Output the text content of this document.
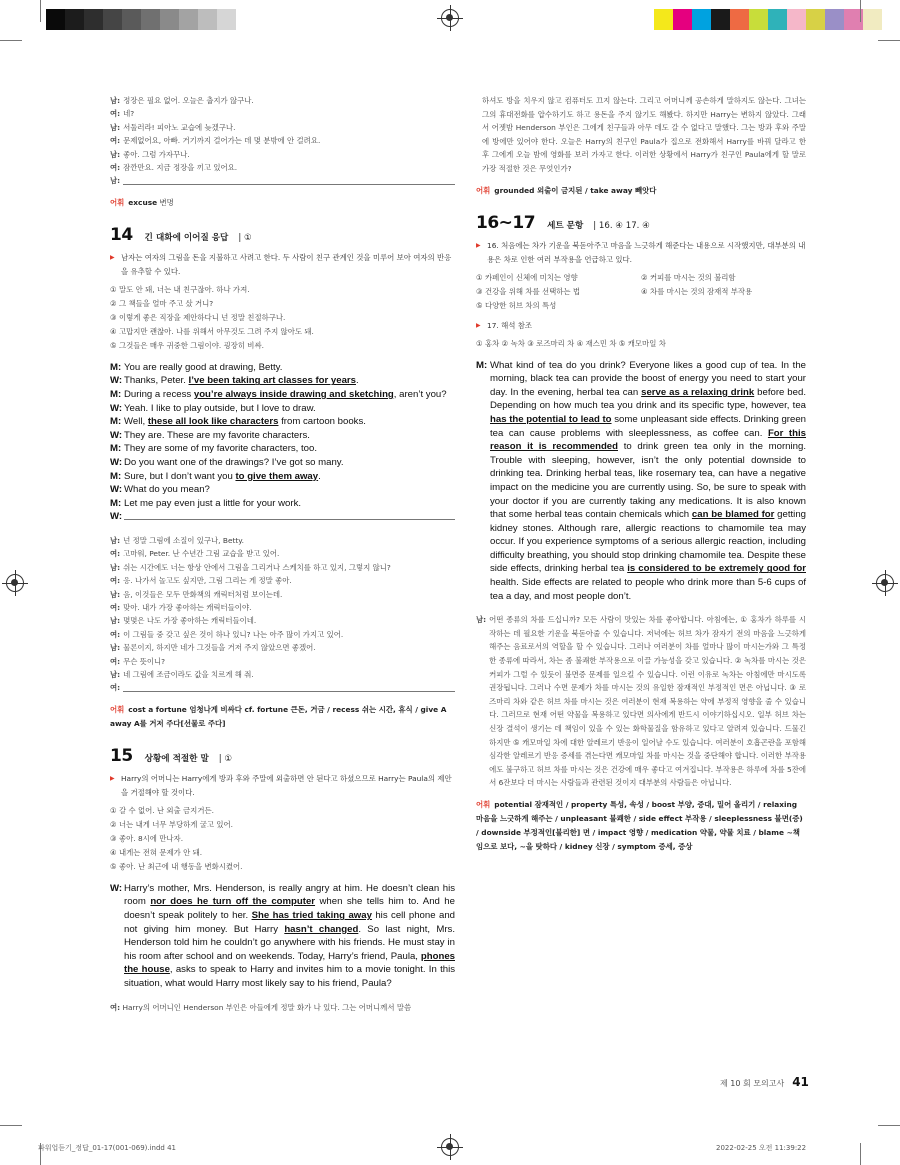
남: 정장은 필요 없어. 오늘은 춥지가 않구나.
여: 네?
남: 서둘러라! 피아노 교습에 늦겠구나.
여: 문제없어요, 아빠. 거기까지 걸어가는 데 몇 분밖에 안 걸려요.
남: 좋아. 그럼 가자꾸나.
여: 잠깐만요. 지금 정장을 끼고 있어요.
남:
어휘 excuse 변명
14 긴 대화에 이어질 응답 | ①
▶ 남자는 여자의 그림을 돈을 지불하고 사려고 한다. 두 사람이 친구 관계인 것을 미루어 보아 여자의 반응을 유추할 수 있다.
① 말도 안 돼, 너는 내 친구잖아. 하나 가져.
② 그 책들을 얼마 주고 샀 거니?
③ 이렇게 좋은 직장을 제안하다니 넌 정말 친절하구나.
④ 고맙지만 괜찮아. 나를 위해서 아무것도 그려 주지 않아도 돼.
⑤ 그것들은 매우 귀중한 그림이야. 굉장히 비싸.
M: You are really good at drawing, Betty.
W: Thanks, Peter. I’ve been taking art classes for years.
M: During a recess you’re always inside drawing and sketching, aren’t you?
W: Yeah. I like to play outside, but I love to draw.
M: Well, these all look like characters from cartoon books.
W: They are. These are my favorite characters.
M: They are some of my favorite characters, too.
W: Do you want one of the drawings? I’ve got so many.
M: Sure, but I don’t want you to give them away.
W: What do you mean?
M: Let me pay even just a little for your work.
W:
남: 넌 정말 그림에 소질이 있구나, Betty.
여: 고마워, Peter. 난 수년간 그림 교습을 받고 있어.
남: 쉬는 시간에도 너는 항상 안에서 그림을 그리거나 스케치를 하고 있지, 그렇지 않니?
여: 응. 나가서 놀고도 싶지만, 그림 그리는 게 정말 좋아.
남: 음, 이것들은 모두 만화책의 캐릭터처럼 보이는데.
여: 맞아. 내가 가장 좋아하는 캐릭터들이야.
남: 몇몇은 나도 가장 좋아하는 캐릭터들이네.
여: 이 그림들 중 갖고 싶은 것이 하나 있니? 나는 아주 많이 가지고 있어.
남: 물론이지, 하지만 네가 그것들을 거저 주지 않았으면 좋겠어.
여: 무슨 뜻이니?
남: 네 그림에 조금이라도 값을 치르게 해 줘.
여:
어휘 cost a fortune 엄청나게 비싸다 cf. fortune 큰돈, 거금 / recess 쉬는 시간, 휴식 / give A away A를 거저 주다[선물로 주다]
15 상황에 적절한 말 | ①
▶ Harry의 어머니는 Harry에게 방과 후와 주말에 외출하면 안 된다고 하셨으므로 Harry는 Paula의 제안을 거절해야 할 것이다.
① 갈 수 없어. 난 외출 금지거든.
② 너는 내게 너무 부당하게 굴고 있어.
③ 좋아. 8시에 만나자.
④ 내게는 전혀 문제가 안 돼.
⑤ 좋아. 난 최근에 내 행동을 변화시켰어.
W: Harry’s mother, Mrs. Henderson, is really angry at him. He doesn’t clean his room nor does he turn off the computer when she tells him to. And he doesn’t speak politely to her. She has tried taking away his cell phone and not giving him money. But Harry hasn’t changed. So last night, Mrs. Henderson told him he couldn’t go anywhere with his friends. He must stay in his room after school and on weekends. Today, Harry’s friend, Paula, phones the house, asks to speak to Harry and invites him to a movie tonight. In this situation, what would Harry most likely say to his friend, Paula?
여: Harry의 어머니인 Henderson 부인은 아들에게 정말 화가 나 있다. 그는 어머니께서 말씀
하셔도 방을 치우지 않고 컴퓨터도 끄지 않는다. 그리고 어머니께 공손하게 말하지도 않는다. 그녀는 그의 휴대전화를 압수하기도 하고 용돈을 주지 않기도 해봤다. 하지만 Harry는 변하지 않았다. 그래서 어젯밤 Henderson 부인은 그에게 친구들과 아무 데도 갈 수 없다고 말했다. 그는 방과 후와 주말에 방에만 있어야 한다. 오늘은 Harry의 친구인 Paula가 집으로 전화해서 Harry를 바꿔 달라고 한 후 그에게 오늘 밤에 영화를 보러 가자고 한다. 이러한 상황에서 Harry가 친구인 Paula에게 할 말로 가장 적절한 것은 무엇인가?
어휘 grounded 외출이 금지된 / take away 빼앗다
16~17 세트 문항 | 16. ④ 17. ④
▶ 16. 처음에는 차가 기운을 북돋아주고 마음을 느긋하게 해준다는 내용으로 시작했지만, 대부분의 내용은 차로 인한 여러 부작용을 언급하고 있다.
① 카페인이 신체에 미치는 영향	② 커피를 마시는 것의 불리함
③ 건강을 위해 차를 선택하는 법	④ 차를 마시는 것의 잠재적 부작용
⑤ 다양한 허브 차의 특성
▶ 17. 해석 참조
① 홍차 ② 녹차 ③ 로즈마리 차 ④ 재스민 차 ⑤ 캐모마일 차
M: What kind of tea do you drink? Everyone likes a good cup of tea. In the morning, black tea can provide the boost of energy you need to start your day. In the evening, herbal tea can serve as a relaxing drink before bed. Depending on how much tea you drink and its specific type, however, tea has the potential to lead to some unpleasant side effects. Drinking green tea can cause problems with sleeplessness, as coffee can. For this reason it is recommended to drink green tea only in the morning. Trouble with sleeping, however, isn’t the only potential downside to drinking tea. Drinking herbal teas, like rosemary tea, can have a negative impact on the medicine you are currently using. So, be sure to speak with your doctor if you are currently taking any medications. It is also known that some herbal teas contain chemicals which can be blamed for getting kidney stones. Although rare, allergic reactions to chamomile tea may occur. If you experience symptoms of a serious allergic reaction, including difficulty breathing, you should stop drinking chamomile tea. Despite these side effects, drinking herbal tea is considered to be extremely good for health. Side effects are related to people who drink more than 5-6 cups of tea a day, and most people don’t.
남: 어떤 종류의 차를 드십니까? 모든 사람이 맛있는 차를 좋아합니다. 아침에는, ① 홍차가 하루를 시작하는 데 필요한 기운을 북돋아줄 수 있습니다. 저녁에는 허브 차가 잠자기 전의 마음을 느긋하게 해주는 음료로서의 역할을 할 수 있습니다. 그러나 여러분이 차를 얼마나 많이 마시는가와 그 특정한 종류에 따라서, 차는 좀 불쾌한 부작용으로 이끌 가능성을 갖고 있습니다. ② 녹차를 마시는 것은 커피가 그럴 수 있듯이 불면증 문제를 일으킬 수 있습니다. 이런 이유로 녹차는 아침에만 마시도록 권장됩니다. 그러나 수면 문제가 차를 마시는 것의 유일한 잠재적인 부정적인 면은 아닙니다. ③ 로즈마리 차와 같은 허브 차를 마시는 것은 여러분이 현재 복용하는 약에 부정적 영향을 줄 수 있습니다. 그러므로 현재 어떤 약물을 복용하고 있다면 의사에게 반드시 이야기하십시오. 일부 허브 차는 신장 결석이 생기는 데 책임이 있을 수 있는 화학물질을 함유하고 있다고 알려져 있습니다. 드물긴 하지만 ⑤ 캐모마일 차에 대한 알레르기 반응이 일어날 수도 있습니다. 여러분이 호흡곤란을 포함해 심각한 알레르기 반응 증세를 겪는다면 캐모마일 차를 마시는 것을 중단해야 합니다. 이러한 부작용에도 불구하고 허브 차를 마시는 것은 건강에 매우 좋다고 여겨집니다. 부작용은 하루에 차를 5잔에서 6잔보다 더 마시는 사람들과 관련된 것이지 대부분의 사람들은 아닙니다.
어휘 potential 잠재적인 / property 특성, 속성 / boost 부양, 증대, 밀어 올리기 / relaxing 마음을 느긋하게 해주는 / unpleasant 불쾌한 / side effect 부작용 / sleeplessness 불면(증) / downside 부정적인[불리한] 면 / impact 영향 / medication 약물, 약물 치료 / blame ~책임으로 보다, ~을 탓하다 / kidney 신장 / symptom 증세, 증상
제 10 회 모의고사 41
파워업듣기_정답_01-17(001-069).indd 41	2022-02-25 오전 11:39:22
